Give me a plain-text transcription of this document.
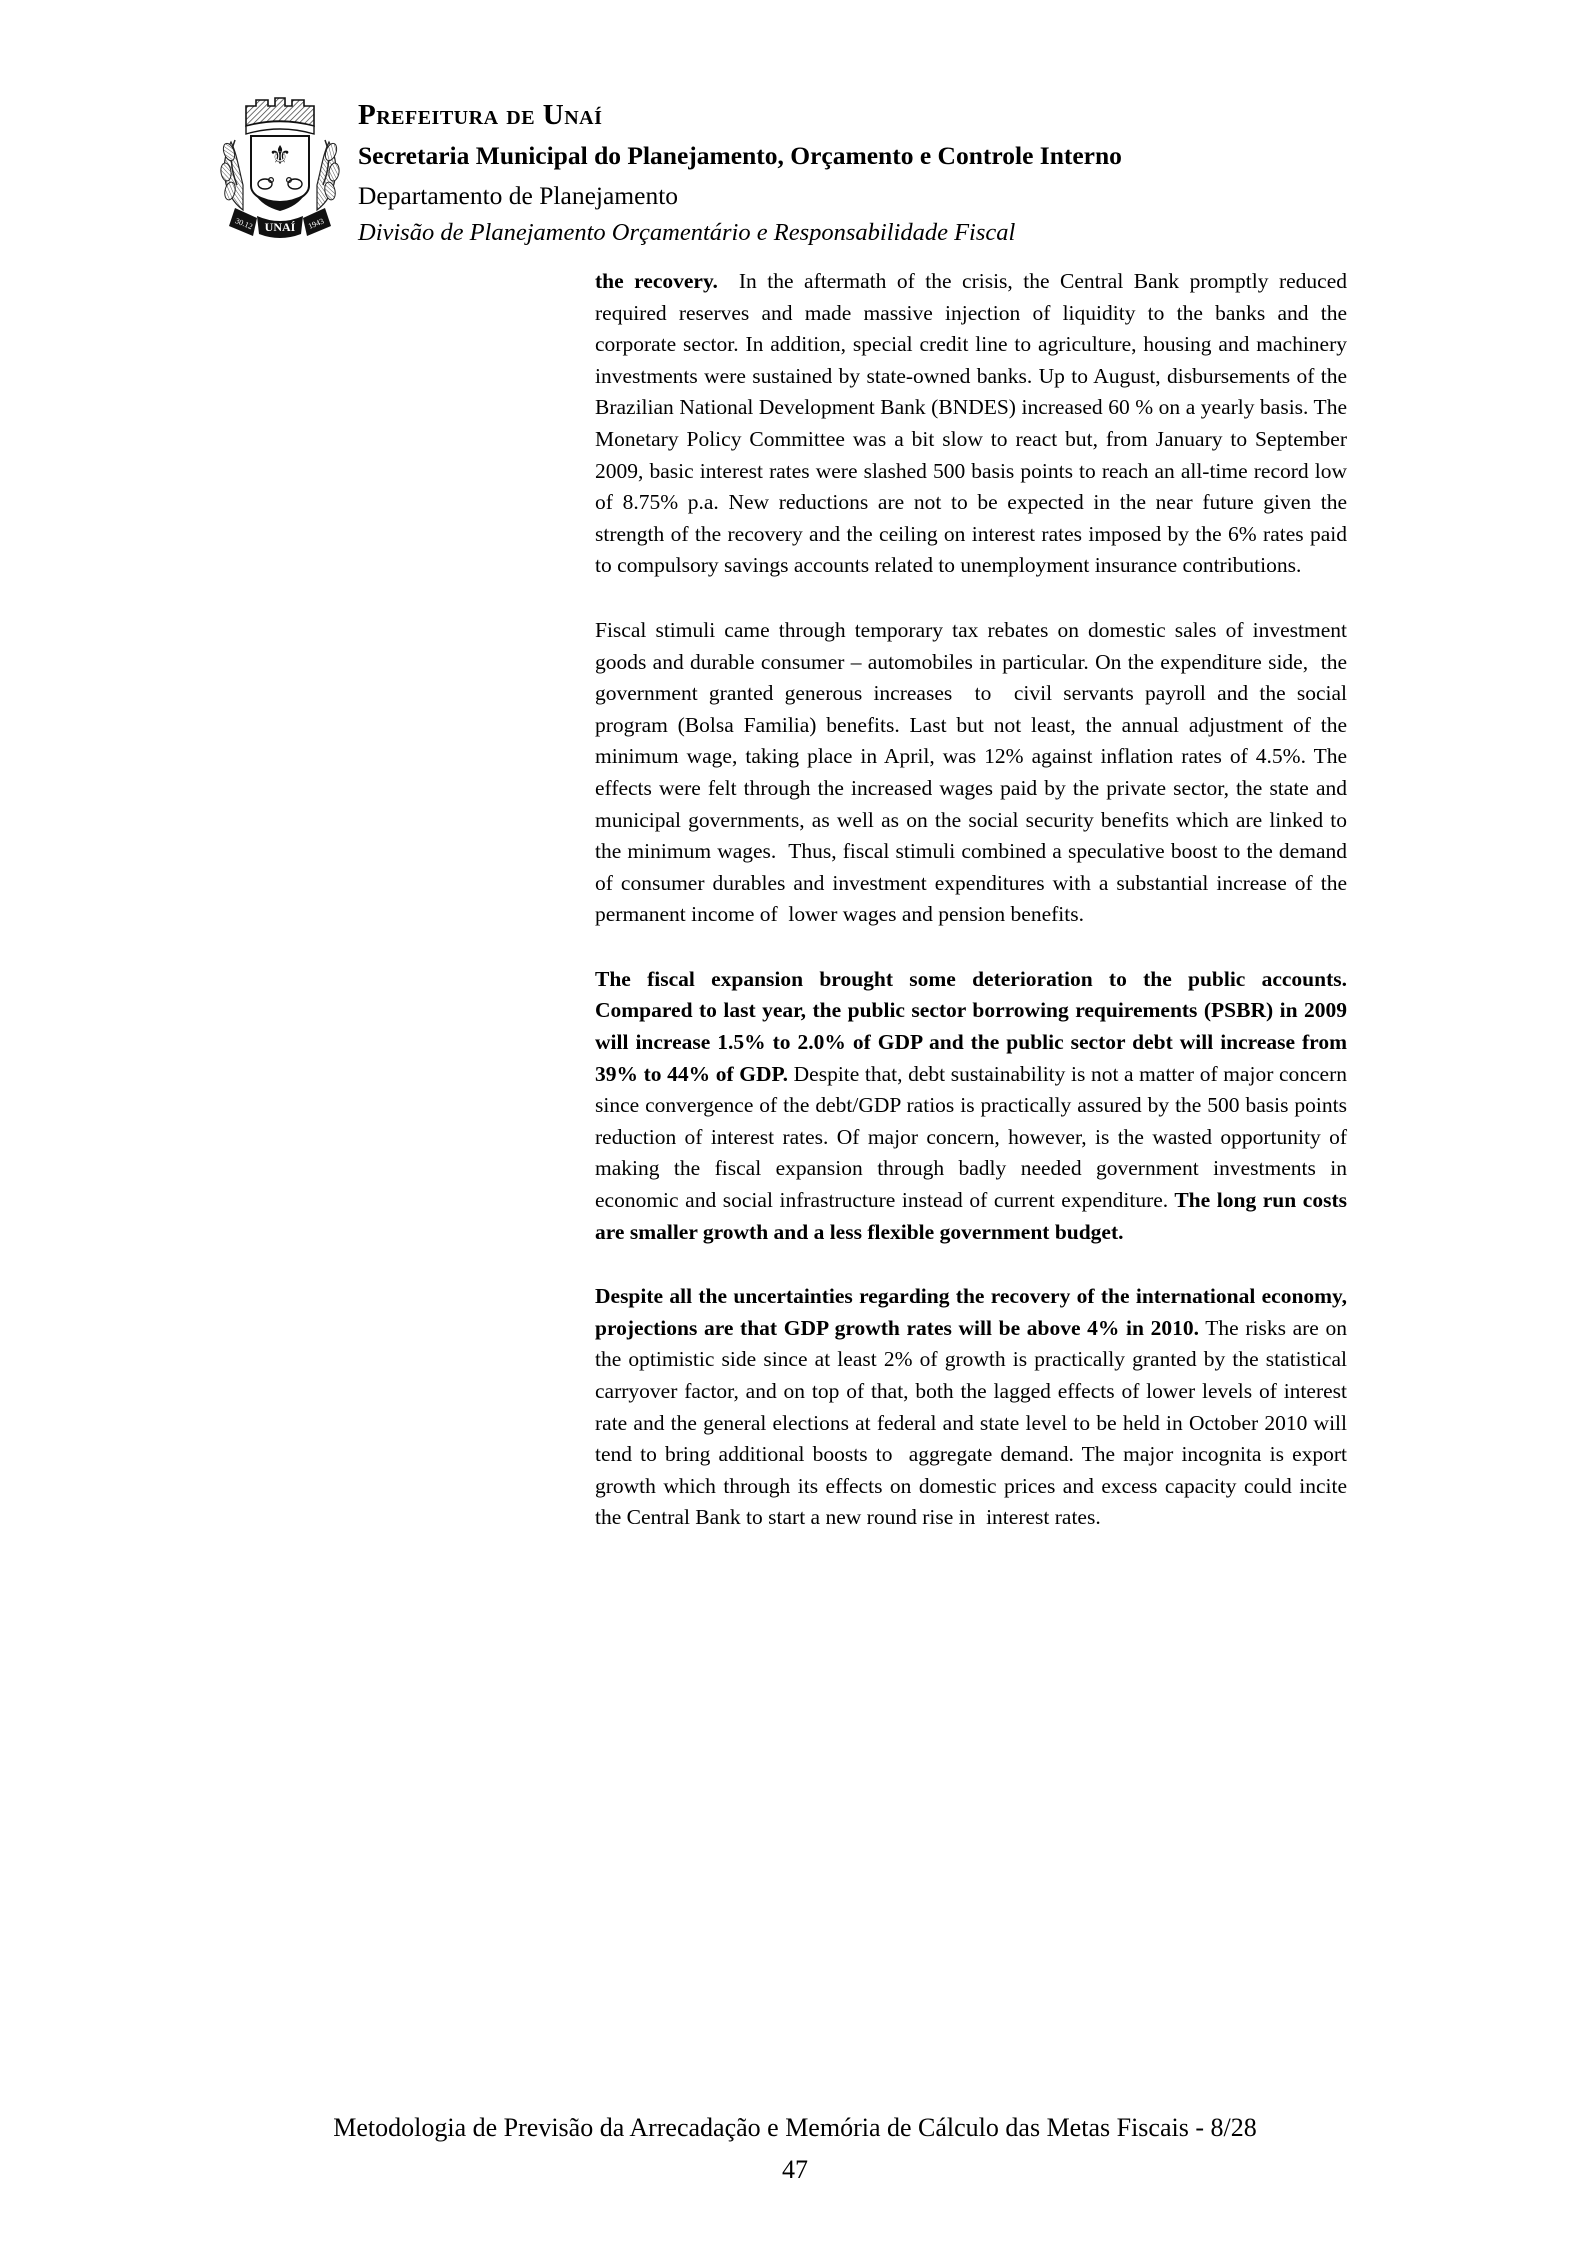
⚜
30.12 UNAÍ 1943

Prefeitura de Unaí

Secretaria Municipal do Planejamento, Orçamento e Controle Interno

Departamento de Planejamento

Divisão de Planejamento Orçamentário e Responsabilidade Fiscal

the recovery.  In the aftermath of the crisis, the Central Bank promptly reduced required reserves and made massive injection of liquidity to the banks and the corporate sector. In addition, special credit line to agriculture, housing and machinery investments were sustained by state-owned banks. Up to August, disbursements of the Brazilian National Development Bank (BNDES) increased 60 % on a yearly basis. The Monetary Policy Committee was a bit slow to react but, from January to September 2009, basic interest rates were slashed 500 basis points to reach an all-time record low of 8.75% p.a. New reductions are not to be expected in the near future given the strength of the recovery and the ceiling on interest rates imposed by the 6% rates paid to compulsory savings accounts related to unemployment insurance contributions.

Fiscal stimuli came through temporary tax rebates on domestic sales of investment goods and durable consumer – automobiles in particular. On the expenditure side,  the government granted generous increases  to  civil servants payroll and the social program (Bolsa Familia) benefits. Last but not least, the annual adjustment of the minimum wage, taking place in April, was 12% against inflation rates of 4.5%. The effects were felt through the increased wages paid by the private sector, the state and municipal governments, as well as on the social security benefits which are linked to the minimum wages.  Thus, fiscal stimuli combined a speculative boost to the demand of consumer durables and investment expenditures with a substantial increase of the permanent income of  lower wages and pension benefits.

The fiscal expansion brought some deterioration to the public accounts. Compared to last year, the public sector borrowing requirements (PSBR) in 2009 will increase 1.5% to 2.0% of GDP and the public sector debt will increase from 39% to 44% of GDP. Despite that, debt sustainability is not a matter of major concern since convergence of the debt/GDP ratios is practically assured by the 500 basis points reduction of interest rates. Of major concern, however, is the wasted opportunity of making the fiscal expansion through badly needed government investments in economic and social infrastructure instead of current expenditure. The long run costs are smaller growth and a less flexible government budget.

Despite all the uncertainties regarding the recovery of the international economy, projections are that GDP growth rates will be above 4% in 2010. The risks are on the optimistic side since at least 2% of growth is practically granted by the statistical carryover factor, and on top of that, both the lagged effects of lower levels of interest rate and the general elections at federal and state level to be held in October 2010 will tend to bring additional boosts to  aggregate demand. The major incognita is export growth which through its effects on domestic prices and excess capacity could incite the Central Bank to start a new round rise in  interest rates.

Metodologia de Previsão da Arrecadação e Memória de Cálculo das Metas Fiscais - 8/28
47
